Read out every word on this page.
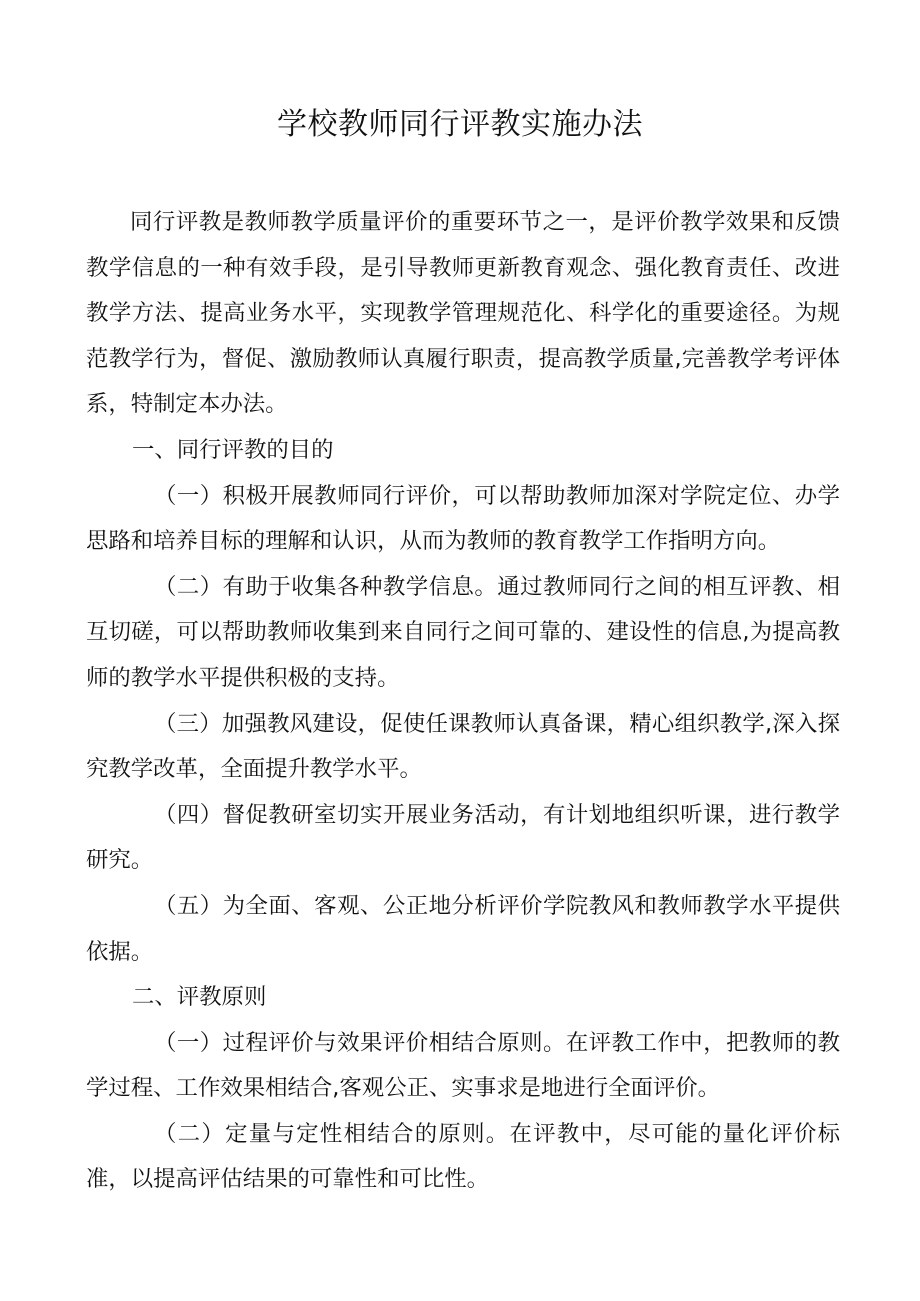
学校教师同行评教实施办法

同行评教是教师教学质量评价的重要环节之一，是评价教学效果和反馈教学信息的一种有效手段，是引导教师更新教育观念、强化教育责任、改进教学方法、提高业务水平，实现教学管理规范化、科学化的重要途径。为规范教学行为，督促、激励教师认真履行职责，提高教学质量,完善教学考评体系，特制定本办法。

一、同行评教的目的

（一）积极开展教师同行评价，可以帮助教师加深对学院定位、办学思路和培养目标的理解和认识，从而为教师的教育教学工作指明方向。

（二）有助于收集各种教学信息。通过教师同行之间的相互评教、相互切磋，可以帮助教师收集到来自同行之间可靠的、建设性的信息,为提高教师的教学水平提供积极的支持。

（三）加强教风建设，促使任课教师认真备课，精心组织教学,深入探究教学改革，全面提升教学水平。

（四）督促教研室切实开展业务活动，有计划地组织听课，进行教学研究。

（五）为全面、客观、公正地分析评价学院教风和教师教学水平提供依据。

二、评教原则

（一）过程评价与效果评价相结合原则。在评教工作中，把教师的教学过程、工作效果相结合,客观公正、实事求是地进行全面评价。

（二）定量与定性相结合的原则。在评教中，尽可能的量化评价标准，以提高评估结果的可靠性和可比性。
